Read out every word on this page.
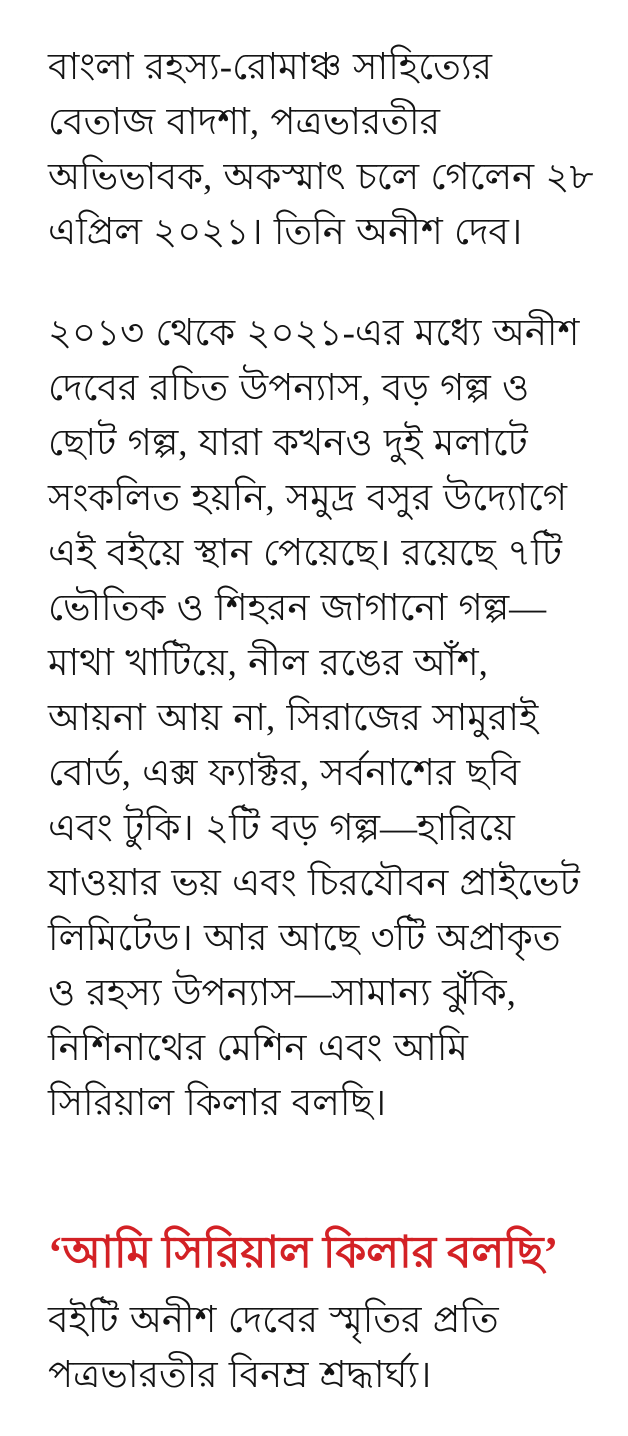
বাংলা রহস্য-রোমাঞ্চ সাহিত্যের বেতাজ বাদশা, পত্রভারতীর অভিভাবক, অকস্মাৎ চলে গেলেন ২৮ এপ্রিল ২০২১। তিনি অনীশ দেব।

২০১৩ থেকে ২০২১-এর মধ্যে অনীশ দেবের রচিত উপন্যাস, বড় গল্প ও ছোট গল্প, যারা কখনও দুই মলাটে সংকলিত হয়নি, সমুদ্র বসুর উদ্যোগে এই বইয়ে স্থান পেয়েছে। রয়েছে ৭টি ভৌতিক ও শিহরন জাগানো গল্প—মাথা খাটিয়ে, নীল রঙের আঁশ, আয়না আয় না, সিরাজের সামুরাই বোর্ড, এক্স ফ্যাক্টর, সর্বনাশের ছবি এবং টুকি। ২টি বড় গল্প—হারিয়ে যাওয়ার ভয় এবং চিরযৌবন প্রাইভেট লিমিটেড। আর আছে ৩টি অপ্রাকৃত ও রহস্য উপন্যাস—সামান্য ঝুঁকি, নিশিনাথের মেশিন এবং আমি সিরিয়াল কিলার বলছি।

‘আমি সিরিয়াল কিলার বলছি’

বইটি অনীশ দেবের স্মৃতির প্রতি পত্রভারতীর বিনম্র শ্রদ্ধার্ঘ্য।
